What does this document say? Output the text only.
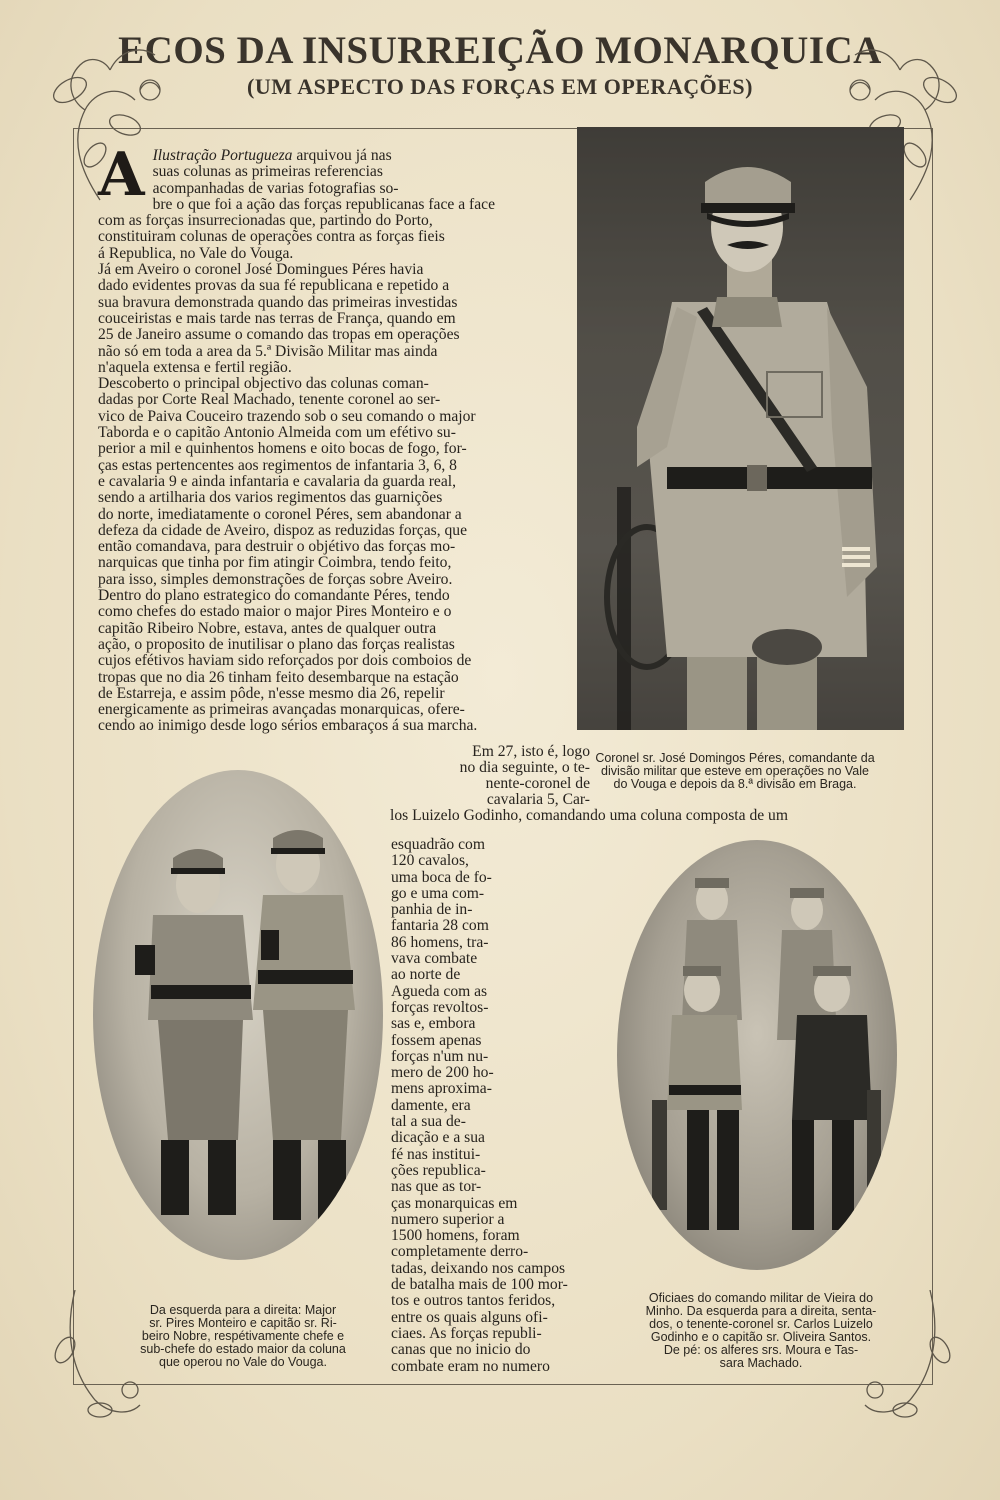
ECOS DA INSURREIÇÃO MONARQUICA
(UM ASPECTO DAS FORÇAS EM OPERAÇÕES)
A Ilustração Portugueza arquivou já nas
suas colunas as primeiras referencias
acompanhadas de varias fotografias so-
bre o que foi a ação das forças republicanas face a face
com as forças insurrecionadas que, partindo do Porto,
constituiram colunas de operações contra as forças fieis
á Republica, no Vale do Vouga.
Já em Aveiro o coronel José Domingues Péres havia
dado evidentes provas da sua fé republicana e repetido a
sua bravura demonstrada quando das primeiras investidas
couceiristas e mais tarde nas terras de França, quando em
25 de Janeiro assume o comando das tropas em operações
não só em toda a area da 5.ª Divisão Militar mas ainda
n'aquela extensa e fertil região.
Descoberto o principal objectivo das colunas coman-
dadas por Corte Real Machado, tenente coronel ao ser-
vico de Paiva Couceiro trazendo sob o seu comando o major
Taborda e o capitão Antonio Almeida com um efétivo su-
perior a mil e quinhentos homens e oito bocas de fogo, for-
ças estas pertencentes aos regimentos de infantaria 3, 6, 8
e cavalaria 9 e ainda infantaria e cavalaria da guarda real,
sendo a artilharia dos varios regimentos das guarnições
do norte, imediatamente o coronel Péres, sem abandonar a
defeza da cidade de Aveiro, dispoz as reduzidas forças, que
então comandava, para destruir o objétivo das forças mo-
narquicas que tinha por fim atingir Coimbra, tendo feito,
para isso, simples demonstrações de forças sobre Aveiro.
Dentro do plano estrategico do comandante Péres, tendo
como chefes do estado maior o major Pires Monteiro e o
capitão Ribeiro Nobre, estava, antes de qualquer outra
ação, o proposito de inutilisar o plano das forças realistas
cujos efétivos haviam sido reforçados por dois comboios de
tropas que no dia 26 tinham feito desembarque na estação
de Estarreja, e assim pôde, n'esse mesmo dia 26, repelir
energicamente as primeiras avançadas monarquicas, ofere-
cendo ao inimigo desde logo sérios embaraços á sua marcha.
Em 27, isto é, logo
no dia seguinte, o te-
nente-coronel de
cavalaria 5, Car-
los Luizelo Godinho, comandando uma coluna composta de um
esquadrão com
120 cavalos,
uma boca de fo-
go e uma com-
panhia de in-
fantaria 28 com
86 homens, tra-
vava combate
ao norte de
Agueda com as
forças revoltos-
sas e, embora
fossem apenas
forças n'um nu-
mero de 200 ho-
mens aproxima-
damente, era
tal a sua de-
dicação e a sua
fé nas institui-
ções republica-
nas que as tor-
ças monarquicas em
numero superior a
1500 homens, foram
completamente derro-
tadas, deixando nos campos
de batalha mais de 100 mor-
tos e outros tantos feridos,
entre os quais alguns ofi-
ciaes. As forças republi-
canas que no inicio do
combate eram no numero

Coronel sr. José Domingos Péres, comandante da
divisão militar que esteve em operações no Vale
do Vouga e depois da 8.ª divisão em Braga.

Da esquerda para a direita: Major
sr. Pires Monteiro e capitão sr. Ri-
beiro Nobre, respétivamente chefe e
sub-chefe do estado maior da coluna
que operou no Vale do Vouga.

Oficiaes do comando militar de Vieira do
Minho. Da esquerda para a direita, senta-
dos, o tenente-coronel sr. Carlos Luizelo
Godinho e o capitão sr. Oliveira Santos.
De pé: os alferes srs. Moura e Tas-
sara Machado.
